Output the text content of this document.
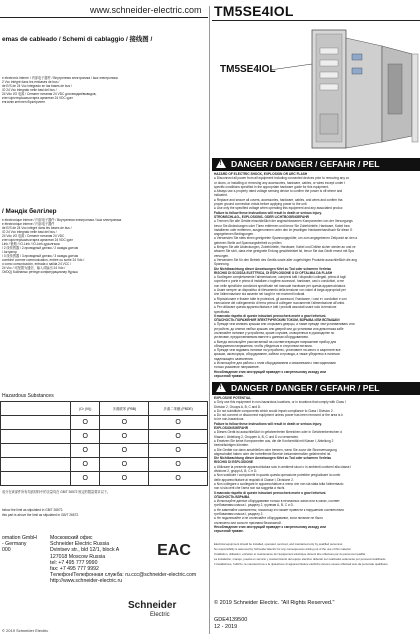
www.schneider-electric.com
emas de cableado / Schemi di cablaggio / 接线图 /
e electronic interne / 内部电子器件 / Внутренняя электроника / Ішкі электроника
2 Vcc intégré dans les embases de bus /
de E/S de 24 Vcc integrado en las bases de bus /
/O 24 Vcc integrato nelle basi del bus /
24 Vdc I/O 电源 / Сегмент питания 24 VDC для вводов/выводов,
ктегі кірістер/шығыстарға арналған 24 VDC қуат
енгізіліп кетілген біріктірілген
/ Мәндік белгілер
e électronique interne / 内部电子器件 / Внутренняя электроника / Ішкі электроника
e électronique interne / 内部电子器件
de E/S de 24 Vcc intégré dans les bases de bus /
/O 24 Vcc integrato nelle basi del bus /
24 Vdc I/O 电源 / Сегмент питания 24 VDC
ктегі кірістер/шығыстарға арналған 24 VDC қуат
Link / 链路 / IO-Link / IO-Link құрылғысы
/ 2 线传感器 / 2-проводный датчик / 2 сымды датчик
/ Актуатор
/ 3 线传感器 / 3-проводный датчик / 3 сымды датчик
combiné comme communication, entrée ou sortie 24 Vdc /
o como comunicación, entrada o salida 24 VCC /
24 Vcc / 可配置为通信、输入或输出 24 Vdc /
OI/DQ) Байланыс ретінде конфигурациялау бұрыш
Hazardous Substances
	(Cr (VI))	多溴联苯 (PBB)	多溴二苯醚 (PBDE)
	O	O	O
	O	O	O
	O	O	O
	O	O	O
	O	O	O
成分在该部件所有均质材料中的含量均在 GB/T 26572 规定的限量要求以下。
below the limit as stipulated in GB/T 26572.
this part is above the limit as stipulated in GB/T 26572.
omation GmbH
- Germany
000
Московский офис
Schneider Electric Russia
Dvintsev str., bld 12/1, block A
127018 Moscow Russia
tel: +7 495 777 9990
fax: +7 495 777 9992
Tелефон/Телефонная служба: ru.ccc@schneider-electric.com
http://www.schneider-electric.ru
EAC
Schneider
Electric
© 2019 Schneider Electric
TM5SE4IOL
TM5SE4IOL
!DANGER / DANGER / GEFAHR / PEL
HAZARD OF ELECTRIC SHOCK, EXPLOSION OR ARC FLASH
● Disconnect all power from all equipment including connected devices prior to removing any co
or doors, or installing or removing any accessories, hardware, cables, or wires except under t
specific conditions specified in the appropriate hardware guide for this equipment.
● Always use a properly rated voltage sensing device to confirm the power is off where and
indicated.
● Replace and secure all covers, accessories, hardware, cables, and wires and confirm tha
proper ground connection exists before applying power to the unit.
● Use only the specified voltage when operating this equipment and any associated produc
Failure to follow these instructions will result in death or serious injury.
STROMSCHLAG-, EXPLOSIONS- ODER LICHTBOGENGEFAHR
● Trennen Sie alle Geräte einschließlich der angeschlossenen Komponenten von der Versorgungs
bevor Sie Abdeckungen oder Türen entfernen und bevor Sie Zubehörteile, Hardware, Kabel bzw.
installieren oder entfernen, ausgenommen unter den im jeweiligen Hardwarehandbuch für diese G
angegebenen Bedingungen.
● Verwenden Sie stets einen geeigneten Spannungsprüfer, um zum angegebenen Zeitpunkt an den a
gebenen Stelle auf Spannungsfreiheit zu prüfen.
● Bringen Sie alle Abdeckungen, Zubehörteile, Hardware, Kabel und Drähte sicher wieder an und ve
wissern Sie sich, dass eine geeignete Erdung gewährleistet ist, bevor Sie das Gerät erneut mit Spa
versorgen.
● Verwenden Sie für den Betrieb des Geräts sowie aller zugehörigen Produkte ausschließlich die ang
Spannung.
Die Nichtbeachtung dieser Anweisungen führt zu Tod oder schweren Verletzu
RISCHIO DI SCOSSA ELETTRICA, DI ESPLOSIONE O DI OFTALMIA DA FLASH
● Scollegare completamente l'alimentazione, compresi tutti i dispositivi collegati, prima di togli
coperture o porte e prima di installare o togliere accessori, hardware, cavi o conduttori, a me
non nelle specifiche condizioni specificate nel manuale hardware per questa apparecchiatura.
● Usare sempre un dispositivo di rilevamento della tensione con valori di targa appropriati per
che l'alimentazione sia assente nei luoghi e nei momenti indicati.
● Riposizionare e fissare tutte le protezioni, gli accessori, l'hardware, i cavi e i conduttori e con
esecuzione del collegamento di terra prima di collegare nuovamente l'alimentazione all'unità.
● Per utilizzare questa apparecchiatura e tutti i prodotti associati usare solo la tensione
specificata.
Il mancato rispetto di queste istruzioni provocherà morte o gravi infortuni.
ОПАСНОСТЬ ПОРАЖЕНИЯ ЭЛЕКТРИЧЕСКИМ ТОКОМ, ВЗРЫВА ИЛИ ВСПЫШКИ
● Прежде чем снимать крышки или открывать дверцы, а также прежде чем устанавливать или
устройств, до снятия любых крышек или дверей или до установки или демонтажа кабе
отключайте питание у устройства, кроме случаев, оговоренных в руководстве по
установке, предоставляемом вместе с данным оборудованием.
● Всегда используйте рассчитанный на соответствующее напряжение прибор для
обнаружения напряжения, чтобы убедиться в отсутствии питания.
● Прежде чем подавать питание на устройство, установите на место и закрепите все
крышки, аксессуары, оборудование, кабели и провода, а также убедитесь в наличии
надлежащего заземления.
● Используйте для работы с этим оборудованием и связанными с ним изделиями
только указанное напряжение.
Несоблюдение этих инструкций приведет к смертельному исходу или
серьезной травме.
!DANGER / DANGER / GEFAHR / PEL
EXPLOSIVE POTENTIAL
● Only use this equipment in non-hazardous locations, or in locations that comply with Class I
Division 2, Groups A, B, C and D.
● Do not substitute components which would impair compliance to Class I Division 2.
● Do not connect or disconnect equipment unless power has been removed or the area is k
to be non-hazardous.
Failure to follow these instructions will result in death or serious injury.
EXPLOSIONSGEFAHR
● Dieses Gerät ist ausschließlich in gefahrenfreien Bereichen oder in Gefahrenbereichen d
Klasse I, Abteilung 2, Gruppen A, B, C und D zu verwenden.
● Ersetzen Sie keine Komponenten aus, die die Konformität mit Klasse I, Abteilung 2
beeinträchtigen könnten.
● Die Geräte nur dann anschließen oder trennen, wenn Sie zuvor die Stromversorgung
abgeschaltet haben oder der betreffende Bereich bekanntermaßen gefahrenfrei ist.
Die Nichtbeachtung dieser Anweisungen führt zu Tod oder schweren Verletzu
RISCHIO DI ESPLOSIONE
● Utilizzare la presente apparecchiatura solo in ambienti sicuri o in ambienti conformi alla classe I
divisione 2, gruppi A, B, C e D.
● Non sostituire i componenti in quanto questa operazione potrebbe pregiudicare la confo
delle apparecchiature ai requisiti di Classe I, Divisione 2.
● Non collegare o scollegare le apparecchiature a meno che non sia stata tolta l'alimentazio
non si sia certi che l'area non sia soggetta a rischi.
Il mancato rispetto di queste istruzioni provocherà morte o gravi infortuni.
ОПАСНОСТЬ ВЗРЫВА
● Используйте данное оборудование только в неопасных зонах или в зонах, соответ
требованиям класса I, разделу 2, группам A, B, C и D.
● Не заменяйте компоненты, поскольку это может привести к нарушению соответствия
требованиям класса I, разделу 2.
● Не подключайте и не отключайте оборудование, если питание не было
отключено или зона не признана безопасной.
Несоблюдение этих инструкций приведет к смертельному исходу или
серьезной травме.
Electrical equipment should be installed, operated, serviced, and maintained only by qualified personnel.
No responsibility is assumed by Schneider Electric for any consequences arising out of the use of this material.
Installation, utilisation, entretien et maintenance de l'équipement électrique doivent être effectués par du personnel qualifié.
La instalación, manejo, puesta en servicio y mantenimiento del equipo eléctrico deberán ser realizados solamente por personal cualificado.
L'installazione, l'utilizzo, la manutenzione e la riparazione di apparecchiature elettriche devono essere effettuati solo da personale qualificato.
© 2019 Schneider Electric. "All Rights Reserved."
GDE4139500
12 - 2019
